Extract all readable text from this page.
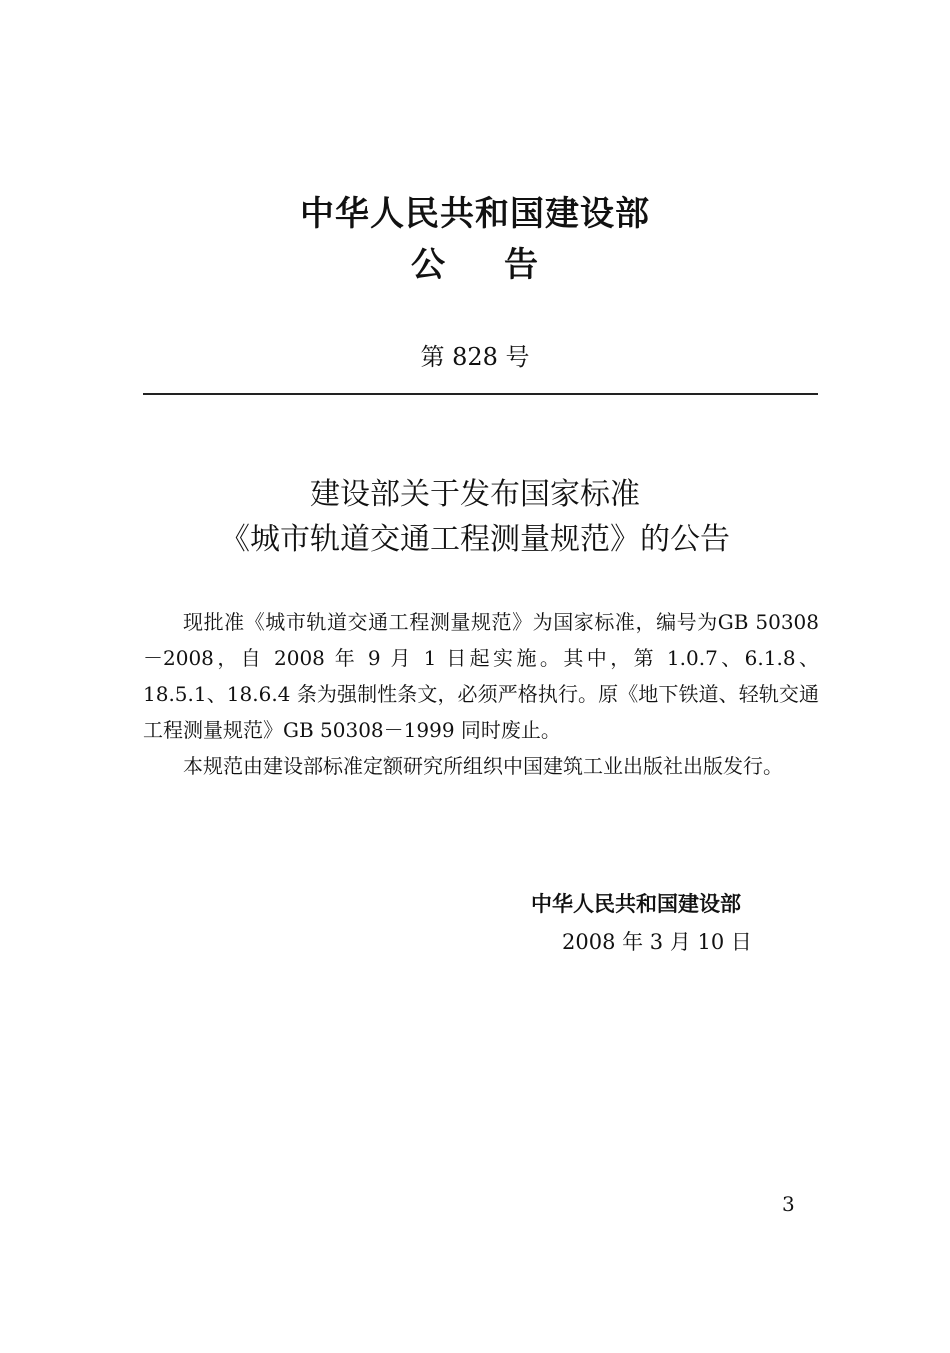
中华人民共和国建设部
公 告
第 828 号
建设部关于发布国家标准
《城市轨道交通工程测量规范》的公告

现批准《城市轨道交通工程测量规范》为国家标准，编号为GB 50308－2008，自 2008 年 9 月 1 日起实施。其中，第 1.0.7、6.1.8、18.5.1、18.6.4 条为强制性条文，必须严格执行。原《地下铁道、轻轨交通工程测量规范》GB 50308－1999 同时废止。

本规范由建设部标准定额研究所组织中国建筑工业出版社出版发行。

中华人民共和国建设部
2008 年 3 月 10 日
3
